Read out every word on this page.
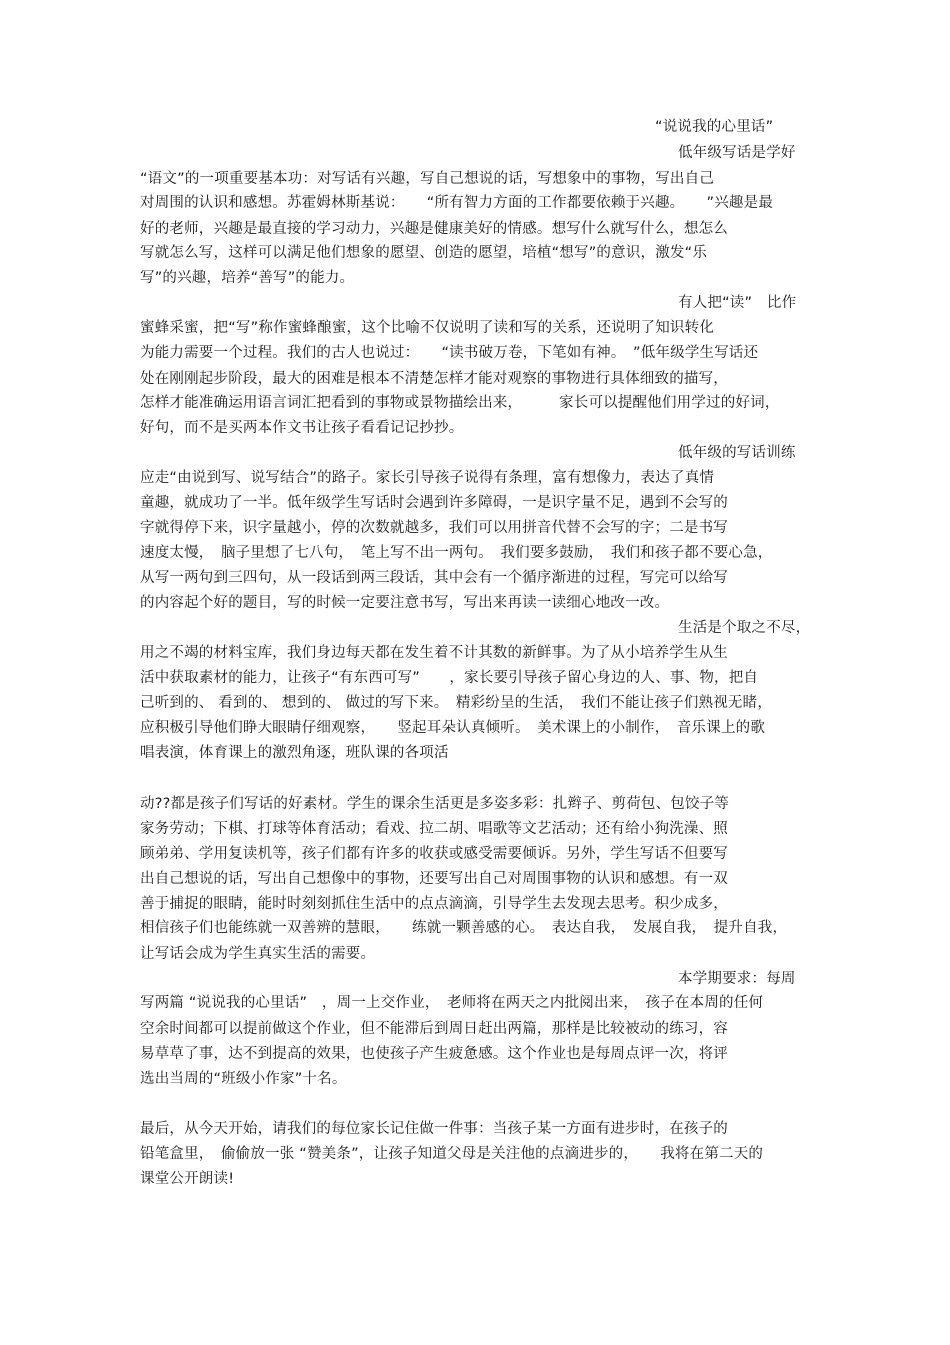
“说说我的心里话”
低年级写话是学好
“语文”的一项重要基本功：对写话有兴趣，写自己想说的话，写想象中的事物，写出自己
对周围的认识和感想。苏霍姆林斯基说：　　“所有智力方面的工作都要依赖于兴趣。　　”兴趣是最
好的老师，兴趣是最直接的学习动力，兴趣是健康美好的情感。想写什么就写什么，想怎么
写就怎么写，这样可以满足他们想象的愿望、创造的愿望，培植“想写”的意识，激发“乐
写”的兴趣，培养“善写”的能力。
有人把“读”　比作
蜜蜂采蜜，把“写”称作蜜蜂酿蜜，这个比喻不仅说明了读和写的关系，还说明了知识转化
为能力需要一个过程。我们的古人也说过：　　“读书破万卷，下笔如有神。　”低年级学生写话还
处在刚刚起步阶段，最大的困难是根本不清楚怎样才能对观察的事物进行具体细致的描写，
怎样才能准确运用语言词汇把看到的事物或景物描绘出来，　　　家长可以提醒他们用学过的好词，
好句，而不是买两本作文书让孩子看看记记抄抄。
低年级的写话训练
应走“由说到写、说写结合”的路子。家长引导孩子说得有条理，富有想像力，表达了真情
童趣，就成功了一半。低年级学生写话时会遇到许多障碍，一是识字量不足，遇到不会写的
字就得停下来，识字量越小，停的次数就越多，我们可以用拼音代替不会写的字；二是书写
速度太慢，　脑子里想了七八句，　笔上写不出一两句。　我们要多鼓励，　我们和孩子都不要心急，
从写一两句到三四句，从一段话到两三段话，其中会有一个循序渐进的过程，写完可以给写
的内容起个好的题目，写的时候一定要注意书写，写出来再读一读细心地改一改。
生活是个取之不尽，
用之不竭的材料宝库，我们身边每天都在发生着不计其数的新鲜事。为了从小培养学生从生
活中获取素材的能力，让孩子“有东西可写”　　，家长要引导孩子留心身边的人、事、物，把自
己听到的、 看到的、 想到的、 做过的写下来。　精彩纷呈的生活，　我们不能让孩子们熟视无睹，
应积极引导他们睁大眼睛仔细观察，　　竖起耳朵认真倾听。　美术课上的小制作，　音乐课上的歌
唱表演，体育课上的激烈角逐，班队课的各项活
动??都是孩子们写话的好素材。学生的课余生活更是多姿多彩：扎辫子、剪荷包、包饺子等
家务劳动；下棋、打球等体育活动；看戏、拉二胡、唱歌等文艺活动；还有给小狗洗澡、照
顾弟弟、学用复读机等，孩子们都有许多的收获或感受需要倾诉。另外，学生写话不但要写
出自己想说的话，写出自己想像中的事物，还要写出自己对周围事物的认识和感想。有一双
善于捕捉的眼睛，能时时刻刻抓住生活中的点点滴滴，引导学生去发现去思考。积少成多，
相信孩子们也能练就一双善辨的慧眼，　　练就一颗善感的心。　表达自我，　发展自我，　提升自我，
让写话会成为学生真实生活的需要。
本学期要求：每周
写两篇 “说说我的心里话”　，周一上交作业，　老师将在两天之内批阅出来，　孩子在本周的任何
空余时间都可以提前做这个作业，但不能滞后到周日赶出两篇，那样是比较被动的练习，容
易草草了事，达不到提高的效果，也使孩子产生疲惫感。这个作业也是每周点评一次，将评
选出当周的“班级小作家”十名。
最后，从今天开始，请我们的每位家长记住做一件事：当孩子某一方面有进步时，在孩子的
铅笔盒里，　偷偷放一张 “赞美条”，让孩子知道父母是关注他的点滴进步的，　　我将在第二天的
课堂公开朗读!
